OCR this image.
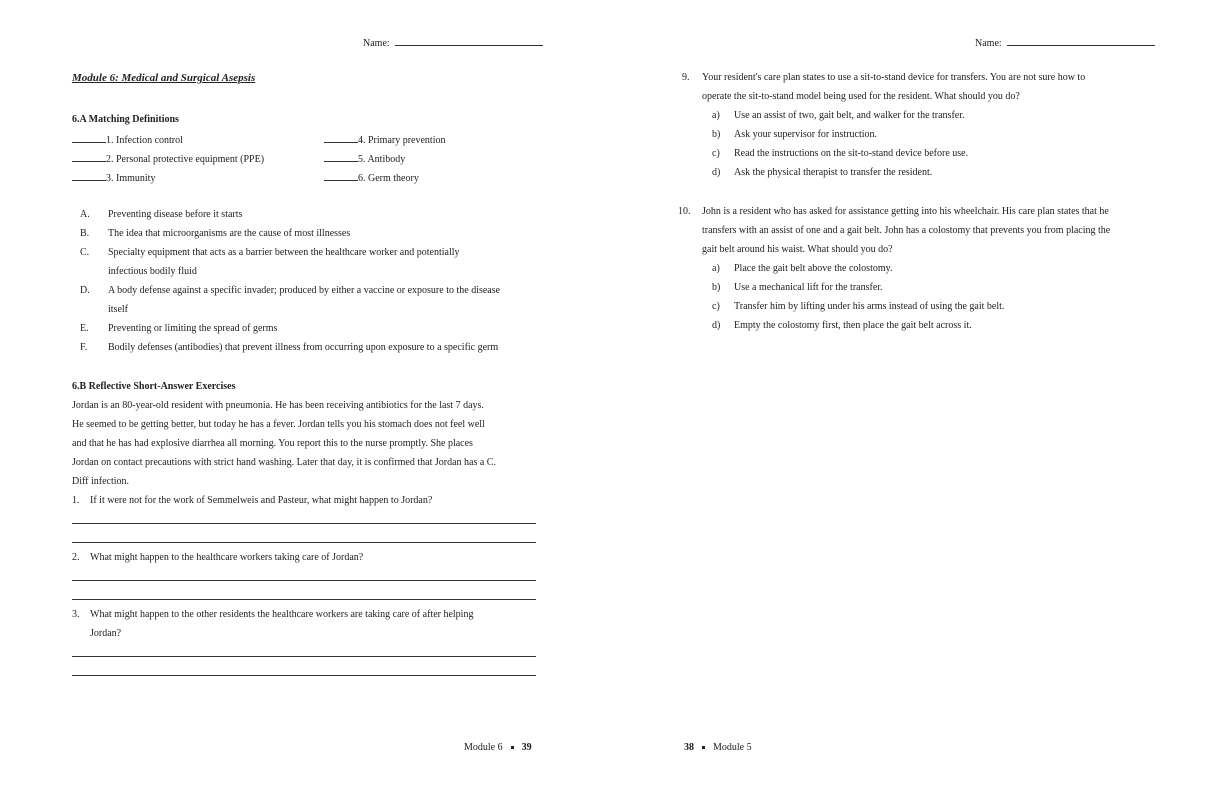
Name:
Module 6: Medical and Surgical Asepsis
6.A Matching Definitions
1. Infection control
2. Personal protective equipment (PPE)
3. Immunity
4. Primary prevention
5. Antibody
6. Germ theory
A. Preventing disease before it starts
B. The idea that microorganisms are the cause of most illnesses
C. Specialty equipment that acts as a barrier between the healthcare worker and potentially
infectious bodily fluid
D. A body defense against a specific invader; produced by either a vaccine or exposure to the disease
itself
E. Preventing or limiting the spread of germs
F. Bodily defenses (antibodies) that prevent illness from occurring upon exposure to a specific germ
6.B Reflective Short-Answer Exercises
Jordan is an 80-year-old resident with pneumonia. He has been receiving antibiotics for the last 7 days.
He seemed to be getting better, but today he has a fever. Jordan tells you his stomach does not feel well
and that he has had explosive diarrhea all morning. You report this to the nurse promptly. She places
Jordan on contact precautions with strict hand washing. Later that day, it is confirmed that Jordan has a C.
Diff infection.
1. If it were not for the work of Semmelweis and Pasteur, what might happen to Jordan?
2. What might happen to the healthcare workers taking care of Jordan?
3. What might happen to the other residents the healthcare workers are taking care of after helping
Jordan?
Module 6 39
Name:
9. Your resident's care plan states to use a sit-to-stand device for transfers. You are not sure how to
operate the sit-to-stand model being used for the resident. What should you do?
a) Use an assist of two, gait belt, and walker for the transfer.
b) Ask your supervisor for instruction.
c) Read the instructions on the sit-to-stand device before use.
d) Ask the physical therapist to transfer the resident.
10. John is a resident who has asked for assistance getting into his wheelchair. His care plan states that he
transfers with an assist of one and a gait belt. John has a colostomy that prevents you from placing the
gait belt around his waist. What should you do?
a) Place the gait belt above the colostomy.
b) Use a mechanical lift for the transfer.
c) Transfer him by lifting under his arms instead of using the gait belt.
d) Empty the colostomy first, then place the gait belt across it.
38 Module 5
